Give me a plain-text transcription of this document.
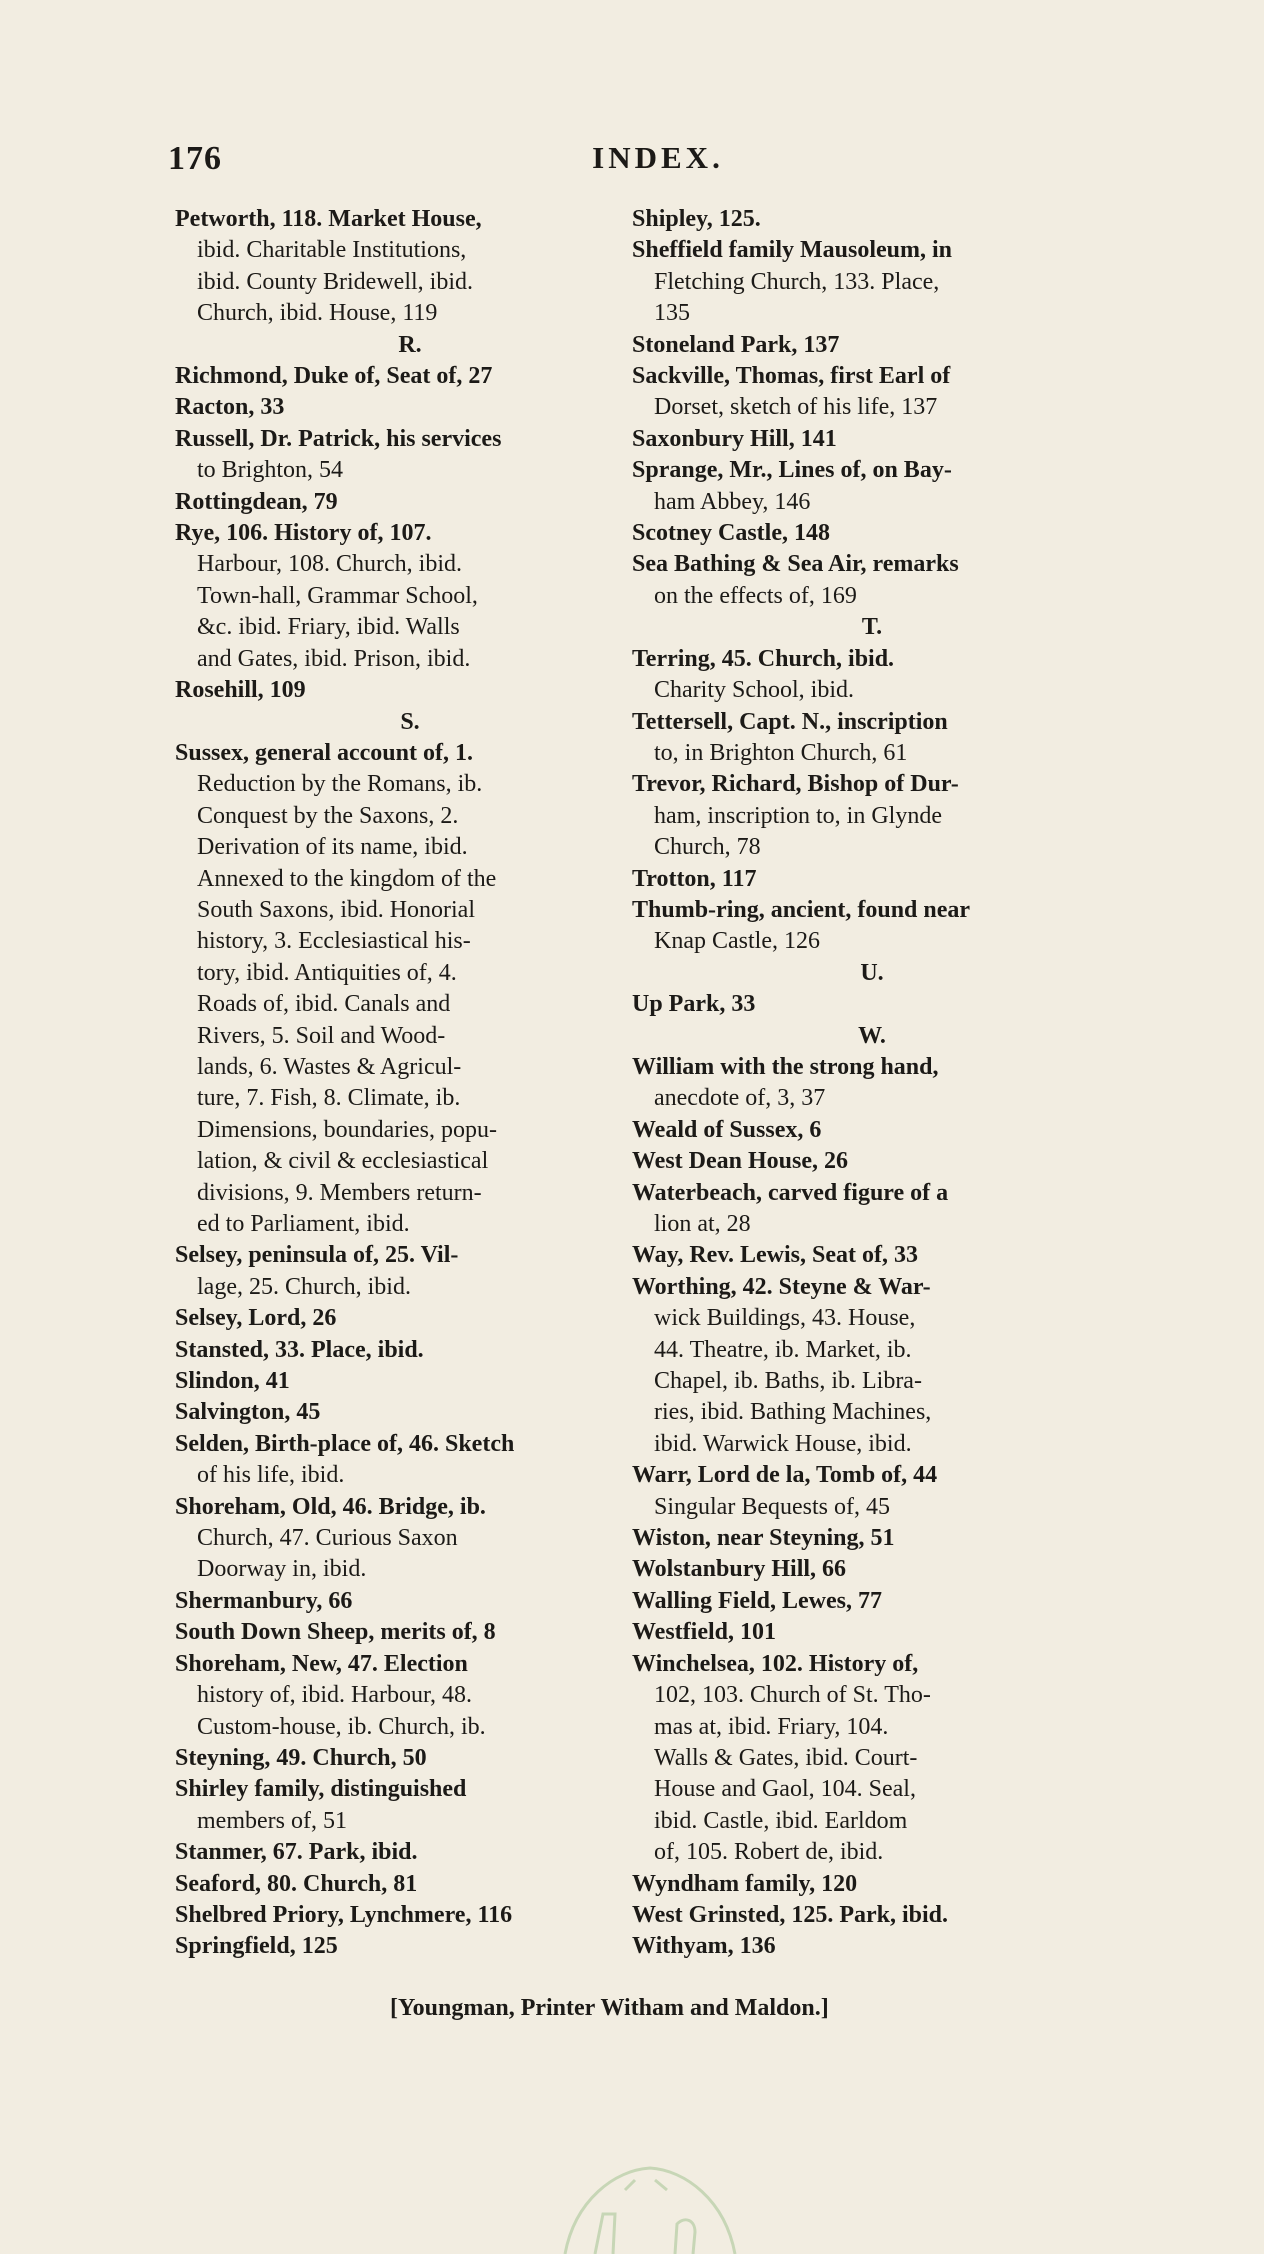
176	INDEX.
Petworth, 118. Market House,
ibid. Charitable Institutions,
ibid. County Bridewell, ibid.
Church, ibid. House, 119
R.
Richmond, Duke of, Seat of, 27
Racton, 33
Russell, Dr. Patrick, his services
to Brighton, 54
Rottingdean, 79
Rye, 106. History of, 107.
Harbour, 108. Church, ibid.
Town-hall, Grammar School,
&c. ibid. Friary, ibid. Walls
and Gates, ibid. Prison, ibid.
Rosehill, 109
S.
Sussex, general account of, 1.
Reduction by the Romans, ib.
Conquest by the Saxons, 2.
Derivation of its name, ibid.
Annexed to the kingdom of the
South Saxons, ibid. Honorial
history, 3. Ecclesiastical his-
tory, ibid. Antiquities of, 4.
Roads of, ibid. Canals and
Rivers, 5. Soil and Wood-
lands, 6. Wastes & Agricul-
ture, 7. Fish, 8. Climate, ib.
Dimensions, boundaries, popu-
lation, & civil & ecclesiastical
divisions, 9. Members return-
ed to Parliament, ibid.
Selsey, peninsula of, 25. Vil-
lage, 25. Church, ibid.
Selsey, Lord, 26
Stansted, 33. Place, ibid.
Slindon, 41
Salvington, 45
Selden, Birth-place of, 46. Sketch
of his life, ibid.
Shoreham, Old, 46. Bridge, ib.
Church, 47. Curious Saxon
Doorway in, ibid.
Shermanbury, 66
South Down Sheep, merits of, 8
Shoreham, New, 47. Election
history of, ibid. Harbour, 48.
Custom-house, ib. Church, ib.
Steyning, 49. Church, 50
Shirley family, distinguished
members of, 51
Stanmer, 67. Park, ibid.
Seaford, 80. Church, 81
Shelbred Priory, Lynchmere, 116
Springfield, 125
Shipley, 125.
Sheffield family Mausoleum, in
Fletching Church, 133. Place,
135
Stoneland Park, 137
Sackville, Thomas, first Earl of
Dorset, sketch of his life, 137
Saxonbury Hill, 141
Sprange, Mr., Lines of, on Bay-
ham Abbey, 146
Scotney Castle, 148
Sea Bathing & Sea Air, remarks
on the effects of, 169
T.
Terring, 45. Church, ibid.
Charity School, ibid.
Tettersell, Capt. N., inscription
to, in Brighton Church, 61
Trevor, Richard, Bishop of Dur-
ham, inscription to, in Glynde
Church, 78
Trotton, 117
Thumb-ring, ancient, found near
Knap Castle, 126
U.
Up Park, 33
W.
William with the strong hand,
anecdote of, 3, 37
Weald of Sussex, 6
West Dean House, 26
Waterbeach, carved figure of a
lion at, 28
Way, Rev. Lewis, Seat of, 33
Worthing, 42. Steyne & War-
wick Buildings, 43. House,
44. Theatre, ib. Market, ib.
Chapel, ib. Baths, ib. Libra-
ries, ibid. Bathing Machines,
ibid. Warwick House, ibid.
Warr, Lord de la, Tomb of, 44
Singular Bequests of, 45
Wiston, near Steyning, 51
Wolstanbury Hill, 66
Walling Field, Lewes, 77
Westfield, 101
Winchelsea, 102. History of,
102, 103. Church of St. Tho-
mas at, ibid. Friary, 104.
Walls & Gates, ibid. Court-
House and Gaol, 104. Seal,
ibid. Castle, ibid. Earldom
of, 105. Robert de, ibid.
Wyndham family, 120
West Grinsted, 125. Park, ibid.
Withyam, 136
[Youngman, Printer Witham and Maldon.]
